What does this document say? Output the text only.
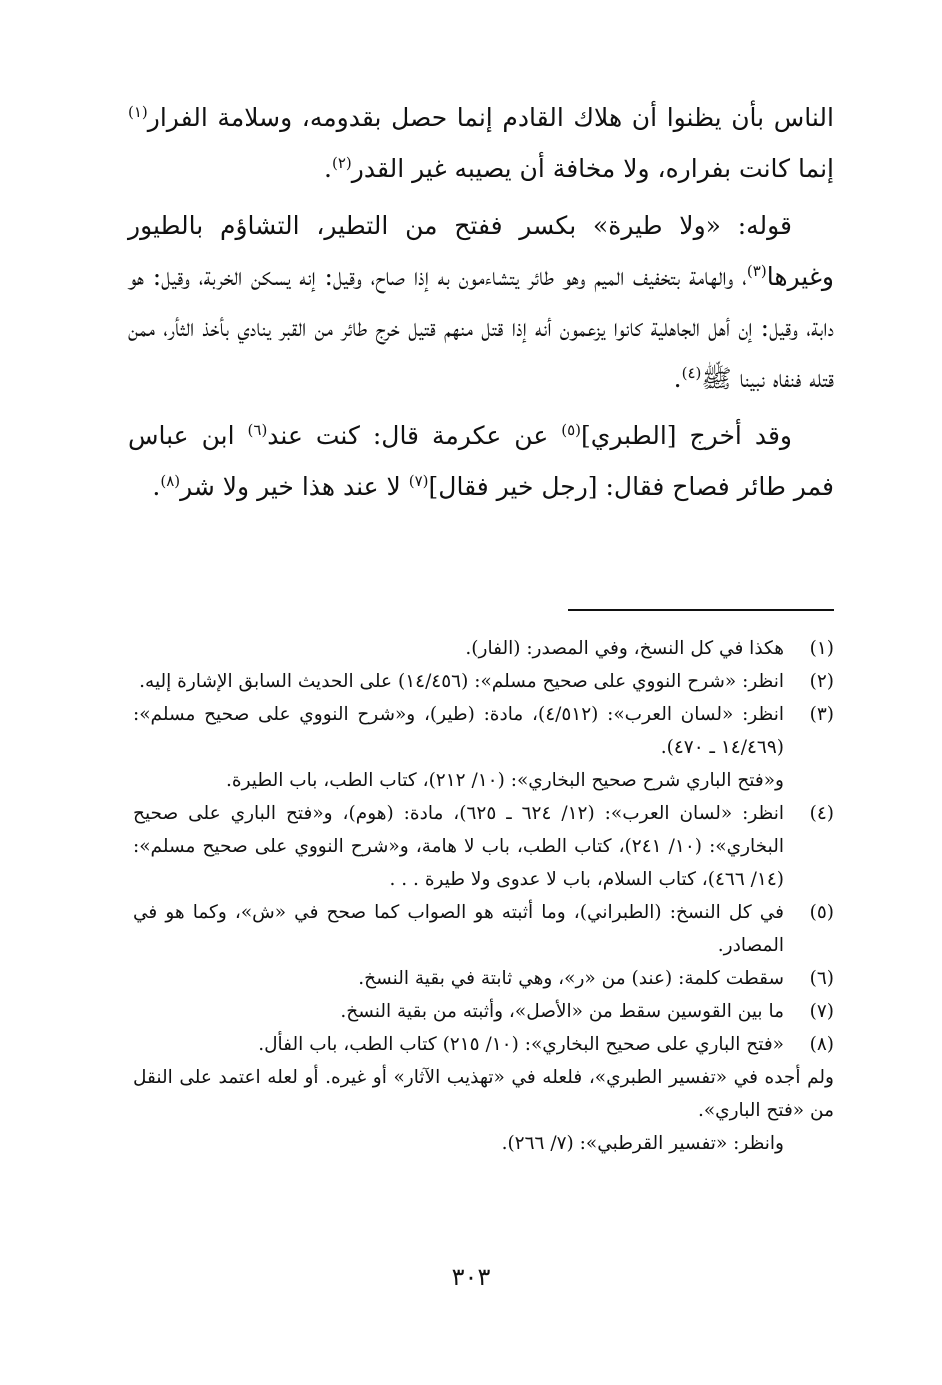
الناس بأن يظنوا أن هلاك القادم إنما حصل بقدومه، وسلامة الفرار$^{(١)}$ إنما كانت بفراره، ولا مخافة أن يصيبه غير القدر$^{(٢)}$.

قوله: «ولا طيرة» بكسر ففتح من التطير، التشاؤم بالطيور وغيرها$^{(٣)}$، والهامة بتخفيف الميم وهو طائر يتشاءمون به إذا صاح، وقيل: إنه يسكن الخربة، وقيل: هو دابة، وقيل: إن أهل الجاهلية كانوا يزعمون أنه إذا قتل منهم قتيل خرج طائر من القبر ينادي بأخذ الثأر، ممن قتله فنفاه نبينا ﷺ$^{(٤)}$.

وقد أخرج [الطبري]$^{(٥)}$ عن عكرمة قال: كنت عند$^{(٦)}$ ابن عباس فمر طائر فصاح فقال: [رجل خير فقال]$^{(٧)}$ لا عند هذا خير ولا شر$^{(٨)}$.

(١)
هكذا في كل النسخ، وفي المصدر: (الفار).
(٢)
انظر: «شرح النووي على صحيح مسلم»: (١٤/٤٥٦) على الحديث السابق الإشارة إليه.
(٣)
انظر: «لسان العرب»: (٤/٥١٢)، مادة: (طير)، و«شرح النووي على صحيح مسلم»: (١٤/٤٦٩ ـ ٤٧٠).
و«فتح الباري شرح صحيح البخاري»: (١٠/ ٢١٢)، كتاب الطب، باب الطيرة.
(٤)
انظر: «لسان العرب»: (١٢/ ٦٢٤ ـ ٦٢٥)، مادة: (هوم)، و«فتح الباري على صحيح البخاري»: (١٠/ ٢٤١)، كتاب الطب، باب لا هامة، و«شرح النووي على صحيح مسلم»: (١٤/ ٤٦٦)، كتاب السلام، باب لا عدوى ولا طيرة . . .
(٥)
في كل النسخ: (الطبراني)، وما أثبته هو الصواب كما صحح في «ش»، وكما هو في المصادر.
(٦)
سقطت كلمة: (عند) من «ر»، وهي ثابتة في بقية النسخ.
(٧)
ما بين القوسين سقط من «الأصل»، وأثبته من بقية النسخ.
(٨)
«فتح الباري على صحيح البخاري»: (١٠/ ٢١٥) كتاب الطب، باب الفأل.
ولم أجده في «تفسير الطبري»، فلعله في «تهذيب الآثار» أو غيره. أو لعله اعتمد على النقل من «فتح الباري».
وانظر: «تفسير القرطبي»: (٧/ ٢٦٦).
٣٠٣
